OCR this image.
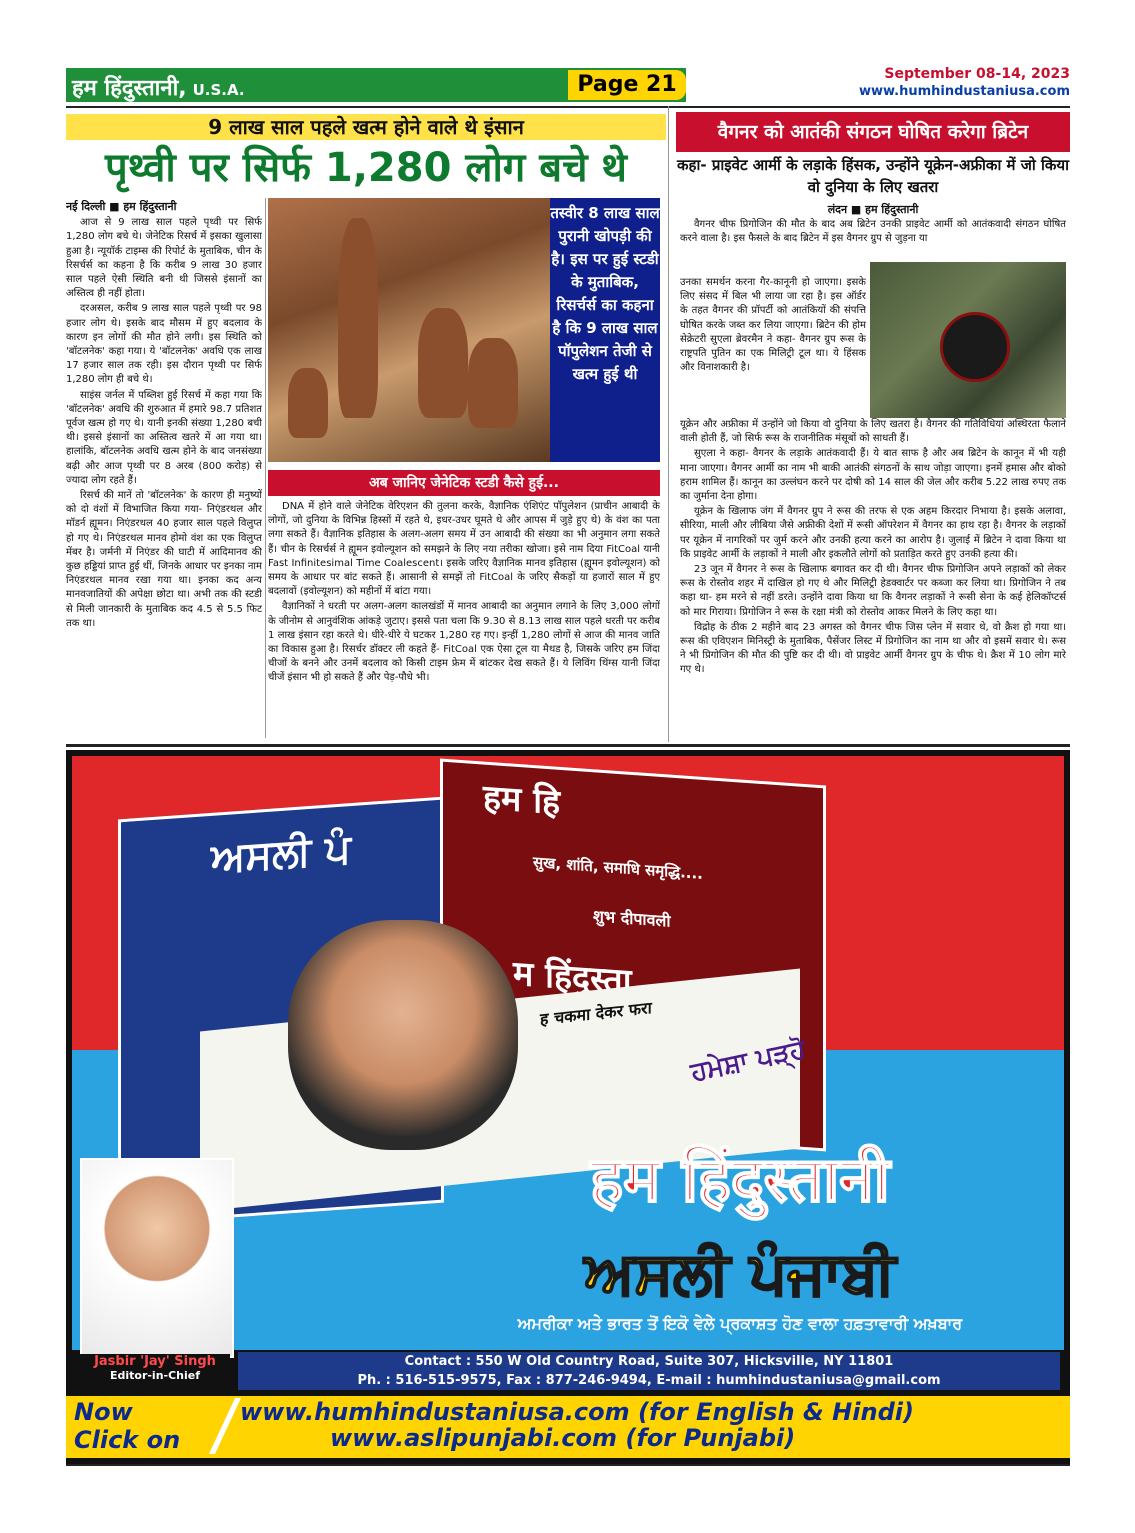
हम हिंदुस्तानी, U.S.A.	Page 21	September 08-14, 2023
www.humhindustaniusa.com
9 लाख साल पहले खत्म होने वाले थे इंसान
पृथ्वी पर सिर्फ 1,280 लोग बचे थे
नई दिल्ली ■ हम हिंदुस्तानी

आज से 9 लाख साल पहले पृथ्वी पर सिर्फ 1,280 लोग बचे थे। जेनेटिक रिसर्च में इसका खुलासा हुआ है। न्यूयॉर्क टाइम्स की रिपोर्ट के मुताबिक, चीन के रिसर्चर्स का कहना है कि करीब 9 लाख 30 हजार साल पहले ऐसी स्थिति बनी थी जिससे इंसानों का अस्तित्व ही नहीं होता।

दरअसल, करीब 9 लाख साल पहले पृथ्वी पर 98 हजार लोग थे। इसके बाद मौसम में हुए बदलाव के कारण इन लोगों की मौत होने लगी। इस स्थिति को 'बॉटलनेक' कहा गया। ये 'बॉटलनेक' अवधि एक लाख 17 हजार साल तक रही। इस दौरान पृथ्वी पर सिर्फ 1,280 लोग ही बचे थे।

साइंस जर्नल में पब्लिश हुई रिसर्च में कहा गया कि 'बॉटलनेक' अवधि की शुरुआत में हमारे 98.7 प्रतिशत पूर्वज खत्म हो गए थे। यानी इनकी संख्या 1,280 बची थी। इससे इंसानों का अस्तित्व खतरे में आ गया था। हालांकि, बॉटलनेक अवधि खत्म होने के बाद जनसंख्या बढ़ी और आज पृथ्वी पर 8 अरब (800 करोड़) से ज्यादा लोग रहते हैं।

रिसर्च की मानें तो 'बॉटलनेक' के कारण ही मनुष्यों को दो वंशों में विभाजित किया गया- निएंडरथल और मॉडर्न ह्यूमन। निएंडरथल 40 हजार साल पहले विलुप्त हो गए थे। निएंडरथल मानव होमो वंश का एक विलुप्त मेंबर है। जर्मनी में निएंडर की घाटी में आदिमानव की कुछ हड्डियां प्राप्त हुई थीं, जिनके आधार पर इनका नाम निएंडरथल मानव रखा गया था। इनका कद अन्य मानवजातियों की अपेक्षा छोटा था। अभी तक की स्टडी से मिली जानकारी के मुताबिक कद 4.5 से 5.5 फिट तक था।

तस्वीर 8 लाख साल पुरानी खोपड़ी की है। इस पर हुई स्टडी के मुताबिक, रिसर्चर्स का कहना है कि 9 लाख साल पॉपुलेशन तेजी से खत्म हुई थी
अब जानिए जेनेटिक स्टडी कैसे हुई...

DNA में होने वाले जेनेटिक वेरिएशन की तुलना करके, वैज्ञानिक एंशिएंट पॉपुलेशन (प्राचीन आबादी के लोगों, जो दुनिया के विभिन्न हिस्सों में रहते थे, इधर-उधर घूमते थे और आपस में जुड़े हुए थे) के वंश का पता लगा सकते हैं। वैज्ञानिक इतिहास के अलग-अलग समय में उन आबादी की संख्या का भी अनुमान लगा सकते हैं। चीन के रिसर्चर्स ने ह्यूमन इवोल्यूशन को समझने के लिए नया तरीका खोजा। इसे नाम दिया FitCoal यानी Fast Infinitesimal Time Coalescent। इसके जरिए वैज्ञानिक मानव इतिहास (ह्यूमन इवोल्यूशन) को समय के आधार पर बांट सकते हैं। आसानी से समझें तो FitCoal के जरिए सैकड़ों या हजारों साल में हुए बदलावों (इवोल्यूशन) को महीनों में बांटा गया।

वैज्ञानिकों ने धरती पर अलग-अलग कालखंडों में मानव आबादी का अनुमान लगाने के लिए 3,000 लोगों के जीनोम से आनुवंशिक आंकड़े जुटाए। इससे पता चला कि 9.30 से 8.13 लाख साल पहले धरती पर करीब 1 लाख इंसान रहा करते थे। धीरे-धीरे ये घटकर 1,280 रह गए। इन्हीं 1,280 लोगों से आज की मानव जाति का विकास हुआ है। रिसर्चर डॉक्टर ली कहते हैं- FitCoal एक ऐसा टूल या मैथड है, जिसके जरिए हम जिंदा चीजों के बनने और उनमें बदलाव को किसी टाइम फ्रेम में बांटकर देख सकते हैं। ये लिविंग थिंग्स यानी जिंदा चीजें इंसान भी हो सकते हैं और पेड़-पौधे भी।

वैगनर को आतंकी संगठन घोषित करेगा ब्रिटेन
कहा- प्राइवेट आर्मी के लड़ाके हिंसक, उन्होंने यूक्रेन-अफ्रीका में जो किया वो दुनिया के लिए खतरा
लंदन ■ हम हिंदुस्तानी

वैगनर चीफ प्रिगोजिन की मौत के बाद अब ब्रिटेन उनकी प्राइवेट आर्मी को आतंकवादी संगठन घोषित करने वाला है। इस फैसले के बाद ब्रिटेन में इस वैगनर ग्रुप से जुड़ना या

उनका समर्थन करना गैर-कानूनी हो जाएगा। इसके लिए संसद में बिल भी लाया जा रहा है। इस ऑर्डर के तहत वैगनर की प्रॉपर्टी को आतंकियों की संपत्ति घोषित करके जब्त कर लिया जाएगा। ब्रिटेन की होम सेक्रेटरी सुएला ब्रेवरमैन ने कहा- वैगनर ग्रुप रूस के राष्ट्रपति पुतिन का एक मिलिट्री टूल था। ये हिंसक और विनाशकारी है।

यूक्रेन और अफ्रीका में उन्होंने जो किया वो दुनिया के लिए खतरा है। वैगनर की गतिविधियां अस्थिरता फैलाने वाली होती हैं, जो सिर्फ रूस के राजनीतिक मंसूबों को साधती हैं।

सुएला ने कहा- वैगनर के लड़ाके आतंकवादी हैं। ये बात साफ है और अब ब्रिटेन के कानून में भी यही माना जाएगा। वैगनर आर्मी का नाम भी बाकी आतंकी संगठनों के साथ जोड़ा जाएगा। इनमें हमास और बोको हराम शामिल हैं। कानून का उल्लंघन करने पर दोषी को 14 साल की जेल और करीब 5.22 लाख रुपए तक का जुर्माना देना होगा।

यूक्रेन के खिलाफ जंग में वैगनर ग्रुप ने रूस की तरफ से एक अहम किरदार निभाया है। इसके अलावा, सीरिया, माली और लीबिया जैसे अफ्रीकी देशों में रूसी ऑपरेशन में वैगनर का हाथ रहा है। वैगनर के लड़ाकों पर यूक्रेन में नागरिकों पर जुर्म करने और उनकी हत्या करने का आरोप है। जुलाई में ब्रिटेन ने दावा किया था कि प्राइवेट आर्मी के लड़ाकों ने माली और इकलौते लोगों को प्रताड़ित करते हुए उनकी हत्या की।

23 जून में वैगनर ने रूस के खिलाफ बगावत कर दी थी। वैगनर चीफ प्रिगोजिन अपने लड़ाकों को लेकर रूस के रोस्तोव शहर में दाखिल हो गए थे और मिलिट्री हेडक्वार्टर पर कब्जा कर लिया था। प्रिगोजिन ने तब कहा था- हम मरने से नहीं डरते। उन्होंने दावा किया था कि वैगनर लड़ाकों ने रूसी सेना के कई हेलिकॉप्टर्स को मार गिराया। प्रिगोजिन ने रूस के रक्षा मंत्री को रोस्तोव आकर मिलने के लिए कहा था।

विद्रोह के ठीक 2 महीने बाद 23 अगस्त को वैगनर चीफ जिस प्लेन में सवार थे, वो क्रैश हो गया था। रूस की एविएशन मिनिस्ट्री के मुताबिक, पैसेंजर लिस्ट में प्रिगोजिन का नाम था और वो इसमें सवार थे। रूस ने भी प्रिगोजिन की मौत की पुष्टि कर दी थी। वो प्राइवेट आर्मी वैगनर ग्रुप के चीफ थे। क्रैश में 10 लोग मारे गए थे।

ਅਸਲੀ ਪੰ
हम हि
सुख, शांति, समाधि समृद्धि....
शुभ दीपावली
म हिंदुस्ता
ह चकमा देकर फरा
ਹਮੇਸ਼ਾ ਪੜ੍ਹੋ
हम हिंदुस्तानी
ਅਸਲੀ ਪੰਜਾਬੀ
ਅਮਰੀਕਾ ਅਤੇ ਭਾਰਤ ਤੋਂ ਇਕੋ ਵੇਲੇ ਪ੍ਰਕਾਸ਼ਤ ਹੋਣ ਵਾਲਾ ਹਫ਼ਤਾਵਾਰੀ ਅਖ਼ਬਾਰ
Jasbir 'Jay' Singh
Editor-in-Chief
Contact : 550 W Old Country Road, Suite 307, Hicksville, NY 11801
Ph. : 516-515-9575, Fax : 877-246-9494, E-mail : humhindustaniusa@gmail.com
Now
Click on
www.humhindustaniusa.com (for English & Hindi)
www.aslipunjabi.com (for Punjabi)
